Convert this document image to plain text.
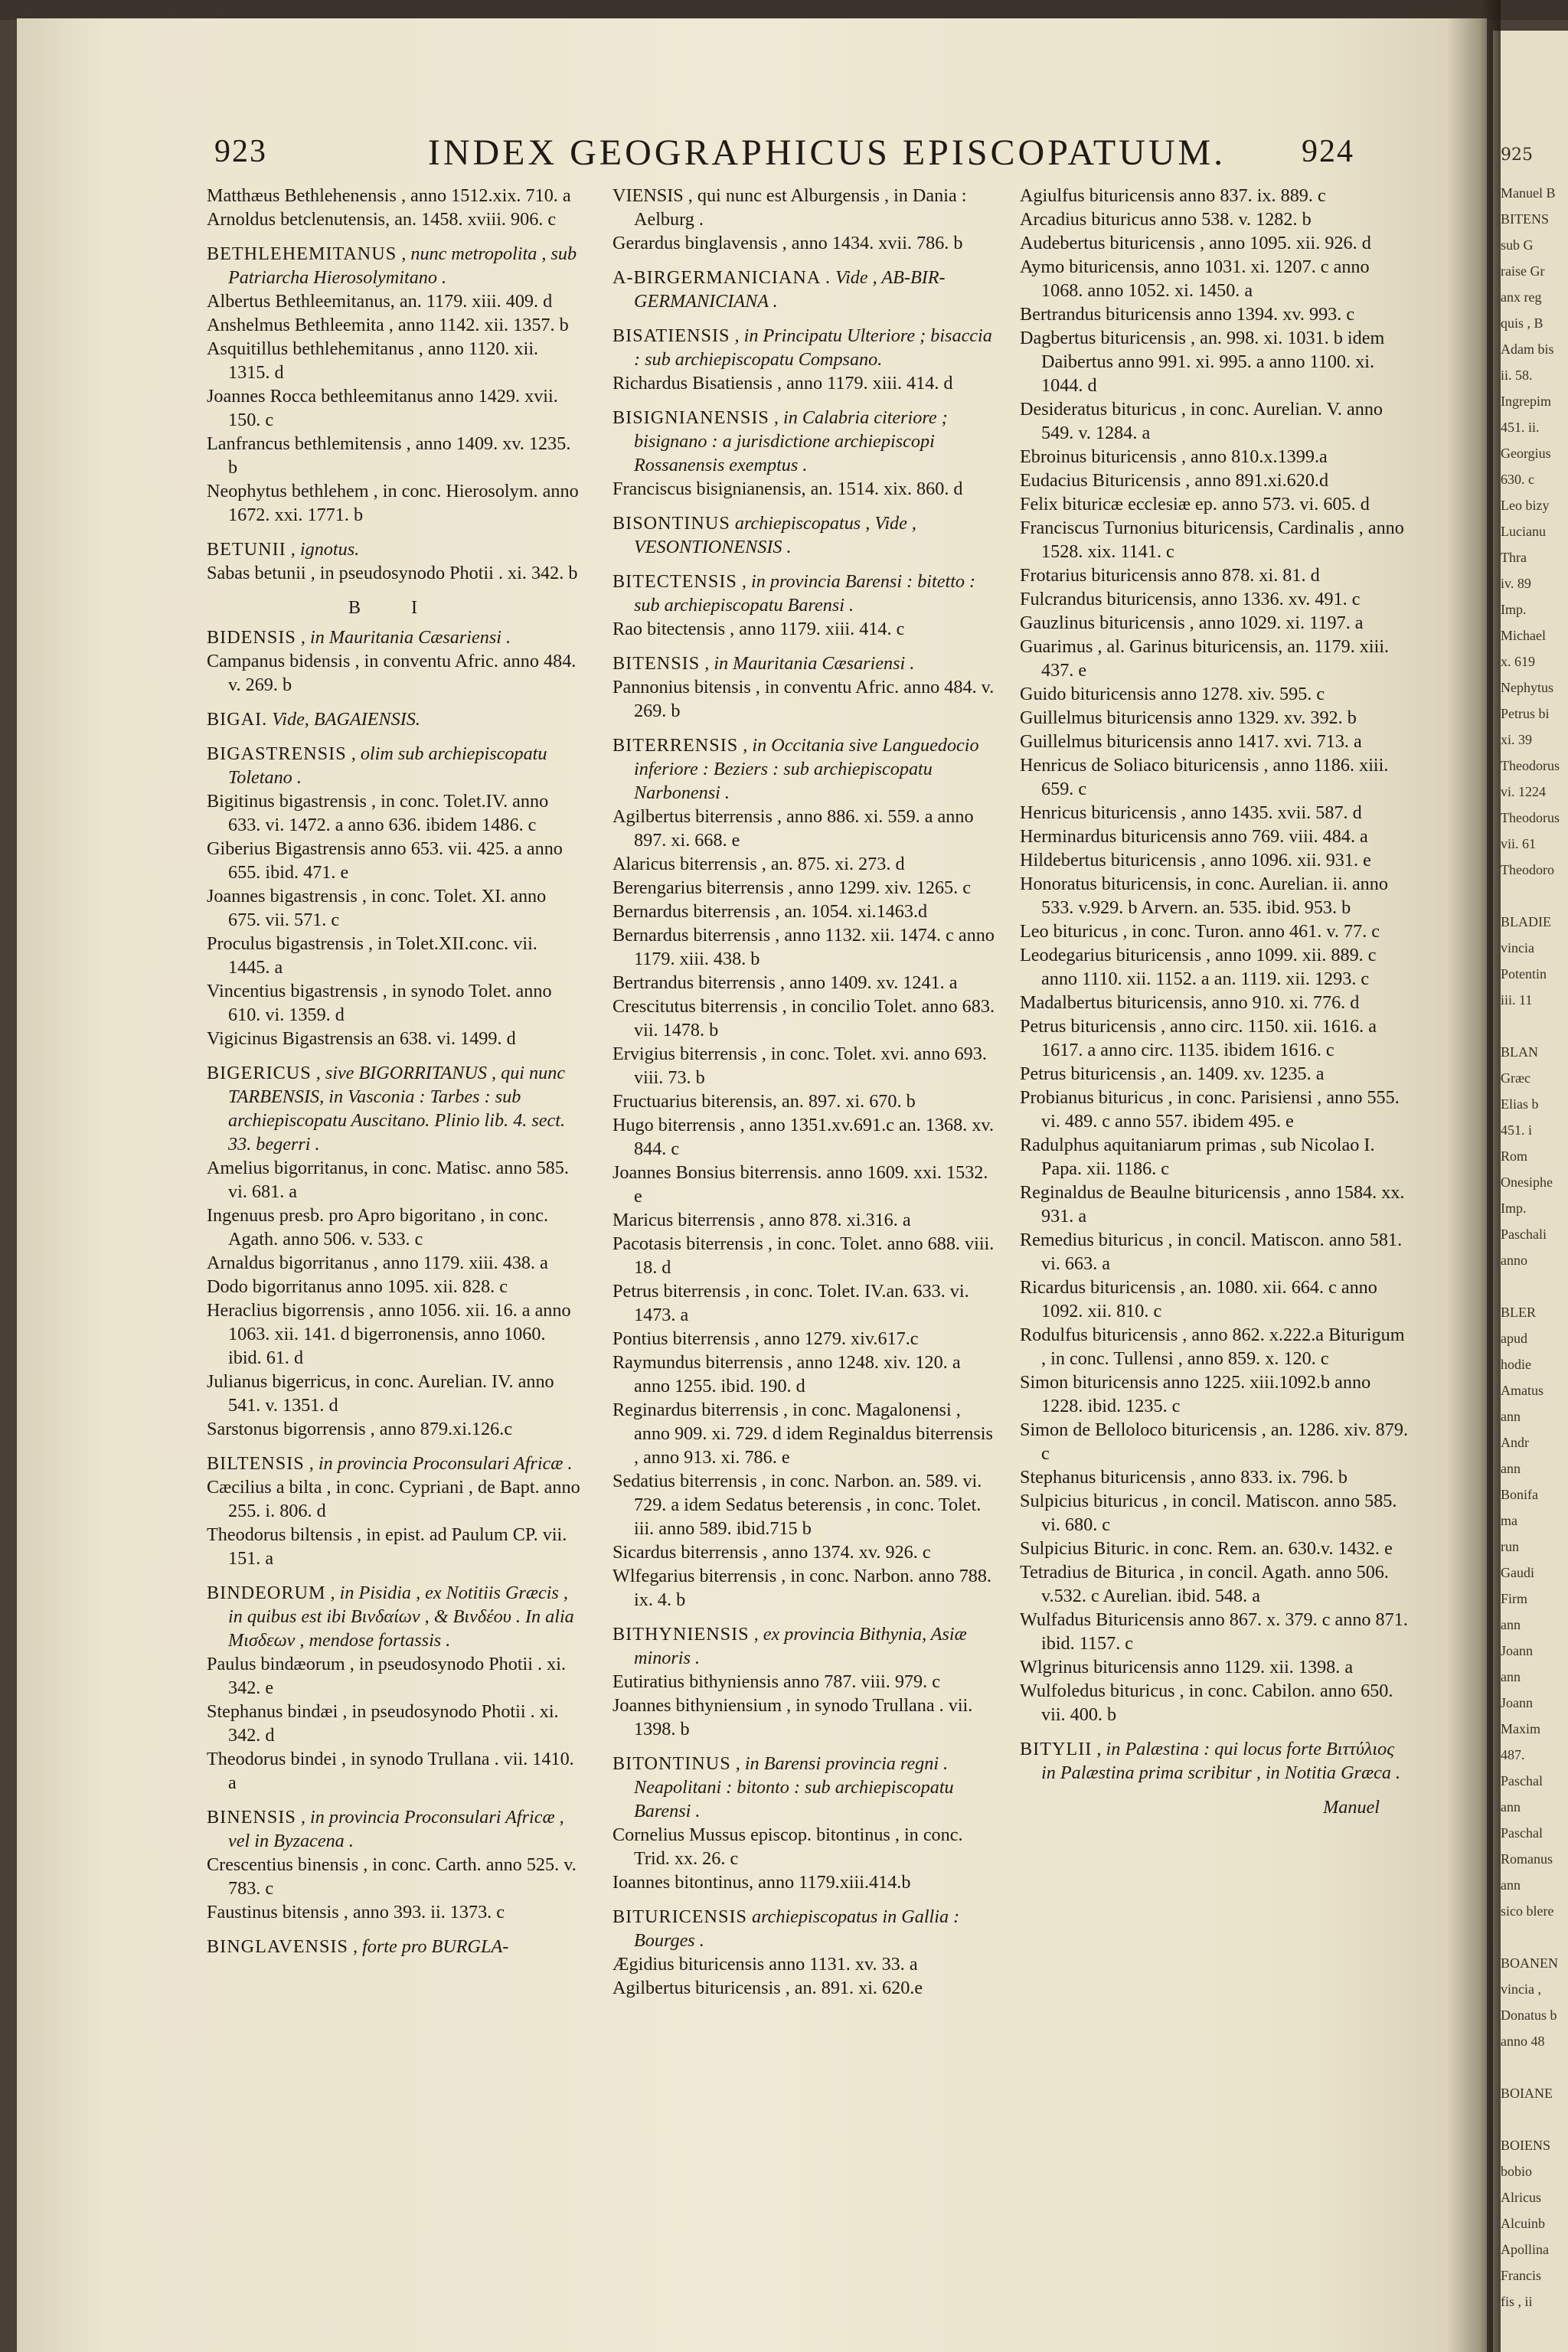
925
Manuel B
BITENS
sub G
raise Gr
anx reg
quis , B
Adam bis
ii. 58.
Ingrepim
451. ii.
Georgius
630. c
Leo bizy
Lucianu
Thra
iv. 89
Imp.
Michael
x. 619
Nephytus
Petrus bi
xi. 39
Theodorus
vi. 1224
Theodorus
vii. 61
Theodoro

BLADIE
vincia
Potentin
iii. 11

BLAN
Græc
Elias b
451. i
Rom
Onesiphe
Imp.
Paschali
anno

BLER
apud
hodie
Amatus
ann
Andr
ann
Bonifa
ma
run
Gaudi
Firm
ann
Joann
ann
Joann
Maxim
487.
Paschal
ann
Paschal
Romanus
ann
sico blere

BOANEN
vincia ,
Donatus b
anno 48

BOIANE

BOIENS
bobio
Alricus
Alcuinb
Apollina
Francis
fis , ii
923	INDEX GEOGRAPHICUS EPISCOPATUUM.	924

Matthæus Bethlehenensis , anno 1512.xix. 710. a

Arnoldus betclenutensis, an. 1458. xviii. 906. c

BETHLEHEMITANUS , nunc metropolita , sub Patriarcha Hierosolymitano .

Albertus Bethleemitanus, an. 1179. xiii. 409. d

Anshelmus Bethleemita , anno 1142. xii. 1357. b

Asquitillus bethlehemitanus , anno 1120. xii. 1315. d

Joannes Rocca bethleemitanus anno 1429. xvii. 150. c

Lanfrancus bethlemitensis , anno 1409. xv. 1235. b

Neophytus bethlehem , in conc. Hierosolym. anno 1672. xxi. 1771. b

BETUNII , ignotus.

Sabas betunii , in pseudosynodo Photii . xi. 342. b

B I

BIDENSIS , in Mauritania Cæsariensi .

Campanus bidensis , in conventu Afric. anno 484. v. 269. b

BIGAI. Vide, BAGAIENSIS.

BIGASTRENSIS , olim sub archiepiscopatu Toletano .

Bigitinus bigastrensis , in conc. Tolet.IV. anno 633. vi. 1472. a anno 636. ibidem 1486. c

Giberius Bigastrensis anno 653. vii. 425. a anno 655. ibid. 471. e

Joannes bigastrensis , in conc. Tolet. XI. anno 675. vii. 571. c

Proculus bigastrensis , in Tolet.XII.conc. vii. 1445. a

Vincentius bigastrensis , in synodo Tolet. anno 610. vi. 1359. d

Vigicinus Bigastrensis an 638. vi. 1499. d

BIGERICUS , sive BIGORRITANUS , qui nunc TARBENSIS, in Vasconia : Tarbes : sub archiepiscopatu Auscitano. Plinio lib. 4. sect. 33. begerri .

Amelius bigorritanus, in conc. Matisc. anno 585. vi. 681. a

Ingenuus presb. pro Apro bigoritano , in conc. Agath. anno 506. v. 533. c

Arnaldus bigorritanus , anno 1179. xiii. 438. a

Dodo bigorritanus anno 1095. xii. 828. c

Heraclius bigorrensis , anno 1056. xii. 16. a anno 1063. xii. 141. d bigerronensis, anno 1060. ibid. 61. d

Julianus bigerricus, in conc. Aurelian. IV. anno 541. v. 1351. d

Sarstonus bigorrensis , anno 879.xi.126.c

BILTENSIS , in provincia Proconsulari Africæ .

Cæcilius a bilta , in conc. Cypriani , de Bapt. anno 255. i. 806. d

Theodorus biltensis , in epist. ad Paulum CP. vii. 151. a

BINDEORUM , in Pisidia , ex Notitiis Græcis , in quibus est ibi Βινδαίων , & Βινδέου . In alia Μισδεων , mendose fortassis .

Paulus bindæorum , in pseudosynodo Photii . xi. 342. e

Stephanus bindæi , in pseudosynodo Photii . xi. 342. d

Theodorus bindei , in synodo Trullana . vii. 1410. a

BINENSIS , in provincia Proconsulari Africæ , vel in Byzacena .

Crescentius binensis , in conc. Carth. anno 525. v. 783. c

Faustinus bitensis , anno 393. ii. 1373. c

BINGLAVENSIS , forte pro BURGLA-

VIENSIS , qui nunc est Alburgensis , in Dania : Aelburg .

Gerardus binglavensis , anno 1434. xvii. 786. b

A-BIRGERMANICIANA . Vide , AB-BIR-GERMANICIANA .

BISATIENSIS , in Principatu Ulteriore ; bisaccia : sub archiepiscopatu Compsano.

Richardus Bisatiensis , anno 1179. xiii. 414. d

BISIGNIANENSIS , in Calabria citeriore ; bisignano : a jurisdictione archiepiscopi Rossanensis exemptus .

Franciscus bisignianensis, an. 1514. xix. 860. d

BISONTINUS archiepiscopatus , Vide , VESONTIONENSIS .

BITECTENSIS , in provincia Barensi : bitetto : sub archiepiscopatu Barensi .

Rao bitectensis , anno 1179. xiii. 414. c

BITENSIS , in Mauritania Cæsariensi .

Pannonius bitensis , in conventu Afric. anno 484. v. 269. b

BITERRENSIS , in Occitania sive Languedocio inferiore : Beziers : sub archiepiscopatu Narbonensi .

Agilbertus biterrensis , anno 886. xi. 559. a anno 897. xi. 668. e

Alaricus biterrensis , an. 875. xi. 273. d

Berengarius biterrensis , anno 1299. xiv. 1265. c

Bernardus biterrensis , an. 1054. xi.1463.d

Bernardus biterrensis , anno 1132. xii. 1474. c anno 1179. xiii. 438. b

Bertrandus biterrensis , anno 1409. xv. 1241. a

Crescitutus biterrensis , in concilio Tolet. anno 683. vii. 1478. b

Ervigius biterrensis , in conc. Tolet. xvi. anno 693. viii. 73. b

Fructuarius biterensis, an. 897. xi. 670. b

Hugo biterrensis , anno 1351.xv.691.c an. 1368. xv. 844. c

Joannes Bonsius biterrensis. anno 1609. xxi. 1532. e

Maricus biterrensis , anno 878. xi.316. a

Pacotasis biterrensis , in conc. Tolet. anno 688. viii. 18. d

Petrus biterrensis , in conc. Tolet. IV.an. 633. vi. 1473. a

Pontius biterrensis , anno 1279. xiv.617.c

Raymundus biterrensis , anno 1248. xiv. 120. a anno 1255. ibid. 190. d

Reginardus biterrensis , in conc. Magalonensi , anno 909. xi. 729. d idem Reginaldus biterrensis , anno 913. xi. 786. e

Sedatius biterrensis , in conc. Narbon. an. 589. vi. 729. a idem Sedatus beterensis , in conc. Tolet. iii. anno 589. ibid.715 b

Sicardus biterrensis , anno 1374. xv. 926. c

Wlfegarius biterrensis , in conc. Narbon. anno 788. ix. 4. b

BITHYNIENSIS , ex provincia Bithynia, Asiæ minoris .

Eutiratius bithyniensis anno 787. viii. 979. c

Joannes bithyniensium , in synodo Trullana . vii. 1398. b

BITONTINUS , in Barensi provincia regni . Neapolitani : bitonto : sub archiepiscopatu Barensi .

Cornelius Mussus episcop. bitontinus , in conc. Trid. xx. 26. c

Ioannes bitontinus, anno 1179.xiii.414.b

BITURICENSIS archiepiscopatus in Gallia : Bourges .

Ægidius bituricensis anno 1131. xv. 33. a

Agilbertus bituricensis , an. 891. xi. 620.e

Agiulfus bituricensis anno 837. ix. 889. c

Arcadius bituricus anno 538. v. 1282. b

Audebertus bituricensis , anno 1095. xii. 926. d

Aymo bituricensis, anno 1031. xi. 1207. c anno 1068. anno 1052. xi. 1450. a

Bertrandus bituricensis anno 1394. xv. 993. c

Dagbertus bituricensis , an. 998. xi. 1031. b idem Daibertus anno 991. xi. 995. a anno 1100. xi. 1044. d

Desideratus bituricus , in conc. Aurelian. V. anno 549. v. 1284. a

Ebroinus bituricensis , anno 810.x.1399.a

Eudacius Bituricensis , anno 891.xi.620.d

Felix bituricæ ecclesiæ ep. anno 573. vi. 605. d

Franciscus Turnonius bituricensis, Cardinalis , anno 1528. xix. 1141. c

Frotarius bituricensis anno 878. xi. 81. d

Fulcrandus bituricensis, anno 1336. xv. 491. c

Gauzlinus bituricensis , anno 1029. xi. 1197. a

Guarimus , al. Garinus bituricensis, an. 1179. xiii. 437. e

Guido bituricensis anno 1278. xiv. 595. c

Guillelmus bituricensis anno 1329. xv. 392. b

Guillelmus bituricensis anno 1417. xvi. 713. a

Henricus de Soliaco bituricensis , anno 1186. xiii. 659. c

Henricus bituricensis , anno 1435. xvii. 587. d

Herminardus bituricensis anno 769. viii. 484. a

Hildebertus bituricensis , anno 1096. xii. 931. e

Honoratus bituricensis, in conc. Aurelian. ii. anno 533. v.929. b Arvern. an. 535. ibid. 953. b

Leo bituricus , in conc. Turon. anno 461. v. 77. c

Leodegarius bituricensis , anno 1099. xii. 889. c anno 1110. xii. 1152. a an. 1119. xii. 1293. c

Madalbertus bituricensis, anno 910. xi. 776. d

Petrus bituricensis , anno circ. 1150. xii. 1616. a 1617. a anno circ. 1135. ibidem 1616. c

Petrus bituricensis , an. 1409. xv. 1235. a

Probianus bituricus , in conc. Parisiensi , anno 555. vi. 489. c anno 557. ibidem 495. e

Radulphus aquitaniarum primas , sub Nicolao I. Papa. xii. 1186. c

Reginaldus de Beaulne bituricensis , anno 1584. xx. 931. a

Remedius bituricus , in concil. Matiscon. anno 581. vi. 663. a

Ricardus bituricensis , an. 1080. xii. 664. c anno 1092. xii. 810. c

Rodulfus bituricensis , anno 862. x.222.a Biturigum , in conc. Tullensi , anno 859. x. 120. c

Simon bituricensis anno 1225. xiii.1092.b anno 1228. ibid. 1235. c

Simon de Belloloco bituricensis , an. 1286. xiv. 879. c

Stephanus bituricensis , anno 833. ix. 796. b

Sulpicius bituricus , in concil. Matiscon. anno 585. vi. 680. c

Sulpicius Bituric. in conc. Rem. an. 630.v. 1432. e

Tetradius de Biturica , in concil. Agath. anno 506. v.532. c Aurelian. ibid. 548. a

Wulfadus Bituricensis anno 867. x. 379. c anno 871. ibid. 1157. c

Wlgrinus bituricensis anno 1129. xii. 1398. a

Wulfoledus bituricus , in conc. Cabilon. anno 650. vii. 400. b

BITYLII , in Palæstina : qui locus forte Βιττύλιος in Palæstina prima scribitur , in Notitia Græca .

Manuel
